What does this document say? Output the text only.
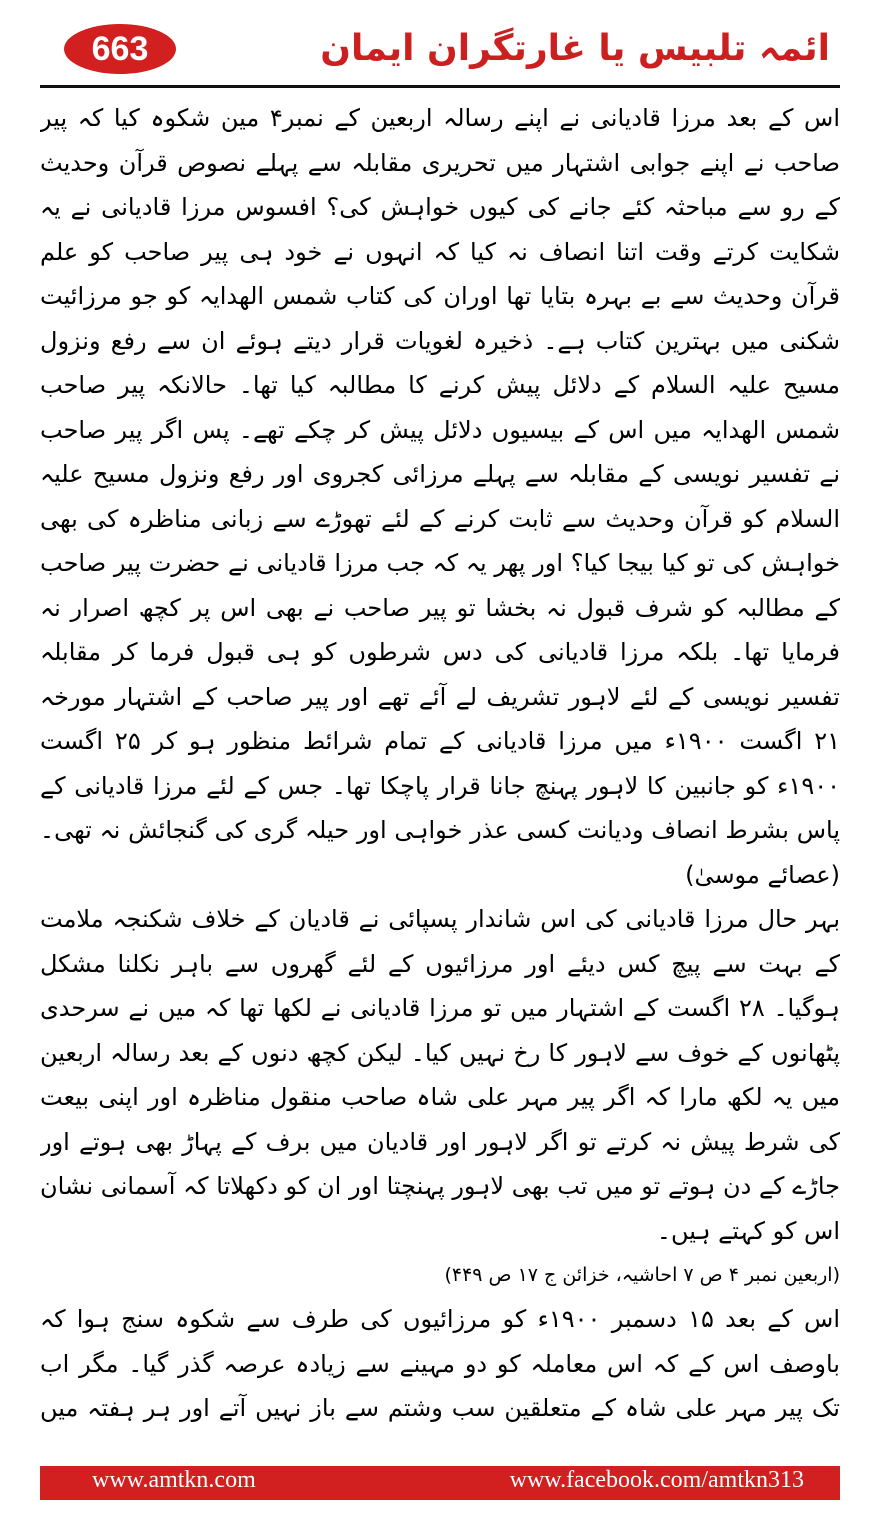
663	ائمہ تلبیس یا غارتگران ایمان

اس کے بعد مرزا قادیانی نے اپنے رسالہ اربعین کے نمبر۴ مین شکوہ کیا کہ پیر صاحب نے اپنے جوابی اشتہار میں تحریری مقابلہ سے پہلے نصوص قرآن وحدیث کے رو سے مباحثہ کئے جانے کی کیوں خواہش کی؟ افسوس مرزا قادیانی نے یہ شکایت کرتے وقت اتنا انصاف نہ کیا کہ انہوں نے خود ہی پیر صاحب کو علم قرآن وحدیث سے بے بہرہ بتایا تھا اوران کی کتاب شمس الهدایہ کو جو مرزائیت شکنی میں بہترین کتاب ہے۔ ذخیرہ لغویات قرار دیتے ہوئے ان سے رفع ونزول مسیح علیہ السلام کے دلائل پیش کرنے کا مطالبہ کیا تھا۔ حالانکہ پیر صاحب شمس الهدایہ میں اس کے بیسیوں دلائل پیش کر چکے تھے۔ پس اگر پیر صاحب نے تفسیر نویسی کے مقابلہ سے پہلے مرزائی کجروی اور رفع ونزول مسیح علیہ السلام کو قرآن وحدیث سے ثابت کرنے کے لئے تھوڑے سے زبانی مناظرہ کی بھی خواہش کی تو کیا بیجا کیا؟ اور پھر یہ کہ جب مرزا قادیانی نے حضرت پیر صاحب کے مطالبہ کو شرف قبول نہ بخشا تو پیر صاحب نے بھی اس پر کچھ اصرار نہ فرمایا تھا۔ بلکہ مرزا قادیانی کی دس شرطوں کو ہی قبول فرما کر مقابلہ تفسیر نویسی کے لئے لاہور تشریف لے آئے تھے اور پیر صاحب کے اشتہار مورخہ ۲۱ اگست ۱۹۰۰ء میں مرزا قادیانی کے تمام شرائط منظور ہو کر ۲۵ اگست ۱۹۰۰ء کو جانبین کا لاہور پہنچ جانا قرار پاچکا تھا۔ جس کے لئے مرزا قادیانی کے پاس بشرط انصاف ودیانت کسی عذر خواہی اور حیلہ گری کی گنجائش نہ تھی۔ (عصائے موسیٰ)

بہر حال مرزا قادیانی کی اس شاندار پسپائی نے قادیان کے خلاف شکنجہ ملامت کے بہت سے پیچ کس دیئے اور مرزائیوں کے لئے گھروں سے باہر نکلنا مشکل ہوگیا۔ ۲۸ اگست کے اشتہار میں تو مرزا قادیانی نے لکھا تھا کہ میں نے سرحدی پٹھانوں کے خوف سے لاہور کا رخ نہیں کیا۔ لیکن کچھ دنوں کے بعد رسالہ اربعین میں یہ لکھ مارا کہ اگر پیر مہر علی شاہ صاحب منقول مناظرہ اور اپنی بیعت کی شرط پیش نہ کرتے تو اگر لاہور اور قادیان میں برف کے پہاڑ بھی ہوتے اور جاڑے کے دن ہوتے تو میں تب بھی لاہور پہنچتا اور ان کو دکھلاتا کہ آسمانی نشان اس کو کہتے ہیں۔

(اربعین نمبر ۴ ص ۷ احاشیہ، خزائن ج ۱۷ ص ۴۴۹)

اس کے بعد ۱۵ دسمبر ۱۹۰۰ء کو مرزائیوں کی طرف سے شکوہ سنج ہوا کہ باوصف اس کے کہ اس معاملہ کو دو مہینے سے زیادہ عرصہ گذر گیا۔ مگر اب تک پیر مہر علی شاہ کے متعلقین سب وشتم سے باز نہیں آتے اور ہر ہفتہ میں

www.amtkn.com	www.facebook.com/amtkn313
